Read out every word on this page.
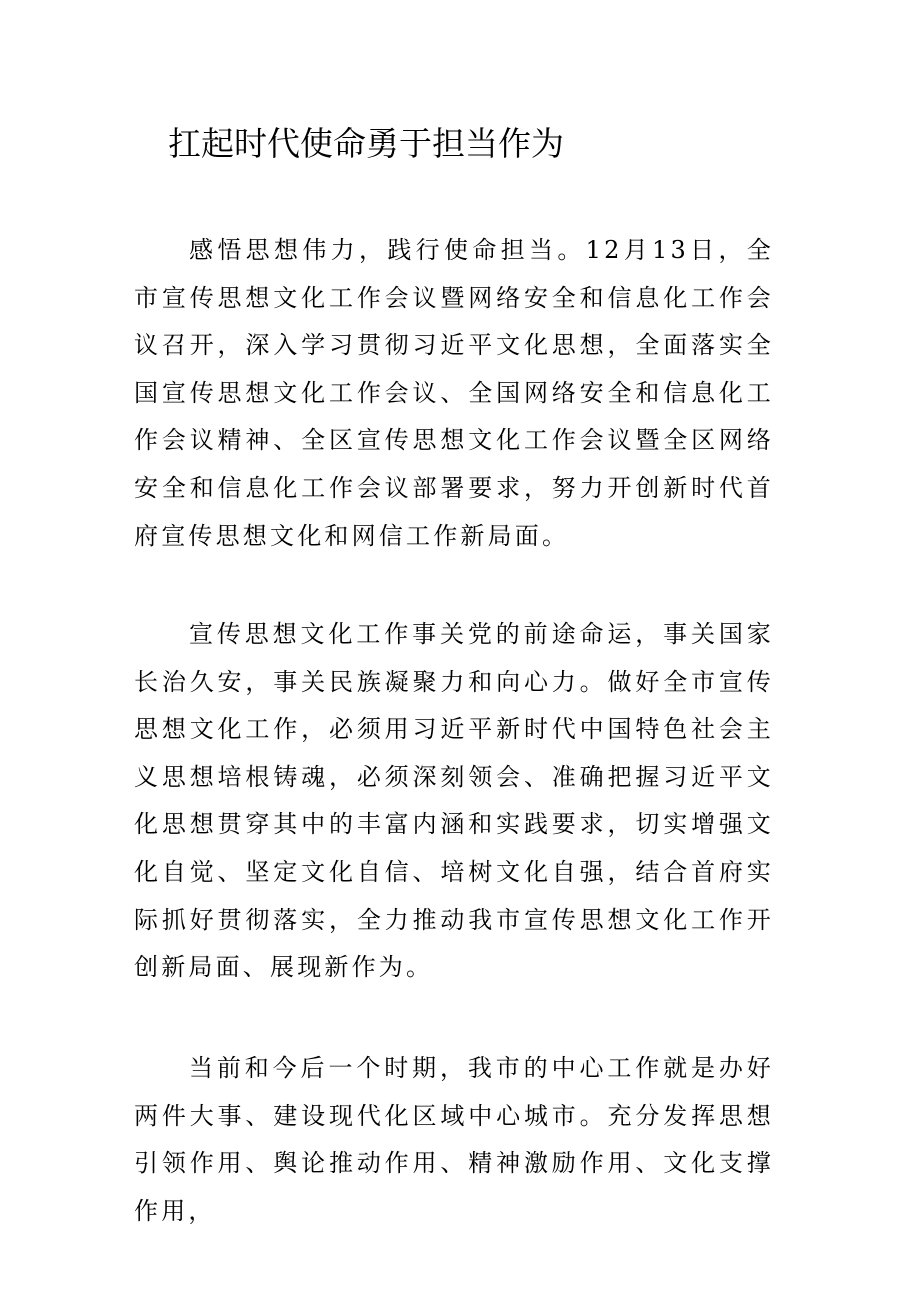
扛起时代使命勇于担当作为

感悟思想伟力，践行使命担当。12月13日，全市宣传思想文化工作会议暨网络安全和信息化工作会议召开，深入学习贯彻习近平文化思想，全面落实全国宣传思想文化工作会议、全国网络安全和信息化工作会议精神、全区宣传思想文化工作会议暨全区网络安全和信息化工作会议部署要求，努力开创新时代首府宣传思想文化和网信工作新局面。

宣传思想文化工作事关党的前途命运，事关国家长治久安，事关民族凝聚力和向心力。做好全市宣传思想文化工作，必须用习近平新时代中国特色社会主义思想培根铸魂，必须深刻领会、准确把握习近平文化思想贯穿其中的丰富内涵和实践要求，切实增强文化自觉、坚定文化自信、培树文化自强，结合首府实际抓好贯彻落实，全力推动我市宣传思想文化工作开创新局面、展现新作为。

当前和今后一个时期，我市的中心工作就是办好两件大事、建设现代化区域中心城市。充分发挥思想引领作用、舆论推动作用、精神激励作用、文化支撑作用，
